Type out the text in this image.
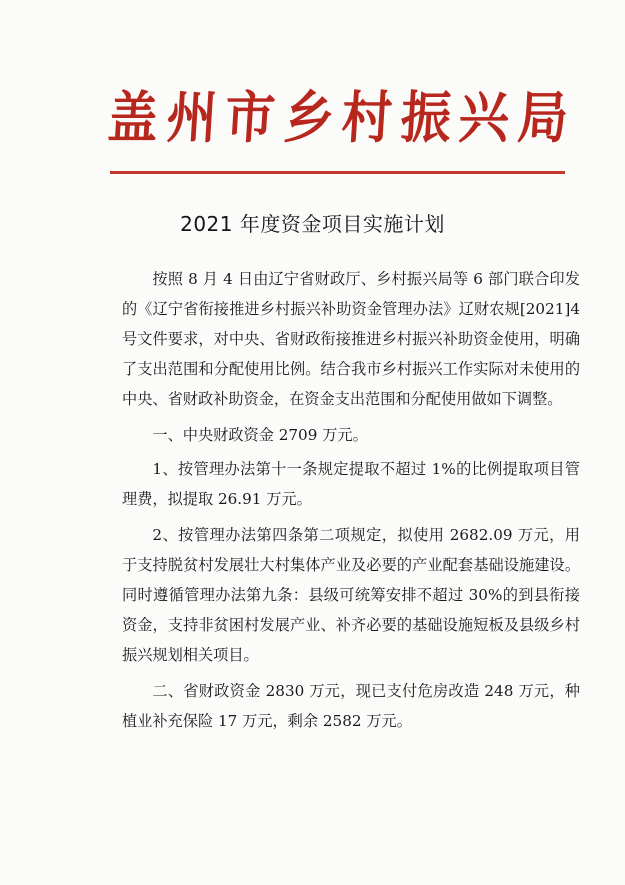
盖 州 市 乡 村 振 兴 局
2021 年度资金项目实施计划

按照 8 月 4 日由辽宁省财政厅、乡村振兴局等 6 部门联合印发的《辽宁省衔接推进乡村振兴补助资金管理办法》辽财农规[2021]4 号文件要求，对中央、省财政衔接推进乡村振兴补助资金使用，明确了支出范围和分配使用比例。结合我市乡村振兴工作实际对未使用的中央、省财政补助资金，在资金支出范围和分配使用做如下调整。

一、中央财政资金 2709 万元。

1、按管理办法第十一条规定提取不超过 1%的比例提取项目管理费，拟提取 26.91 万元。

2、按管理办法第四条第二项规定，拟使用 2682.09 万元，用于支持脱贫村发展壮大村集体产业及必要的产业配套基础设施建设。同时遵循管理办法第九条：县级可统筹安排不超过 30%的到县衔接资金，支持非贫困村发展产业、补齐必要的基础设施短板及县级乡村振兴规划相关项目。

二、省财政资金 2830 万元，现已支付危房改造 248 万元，种植业补充保险 17 万元，剩余 2582 万元。
